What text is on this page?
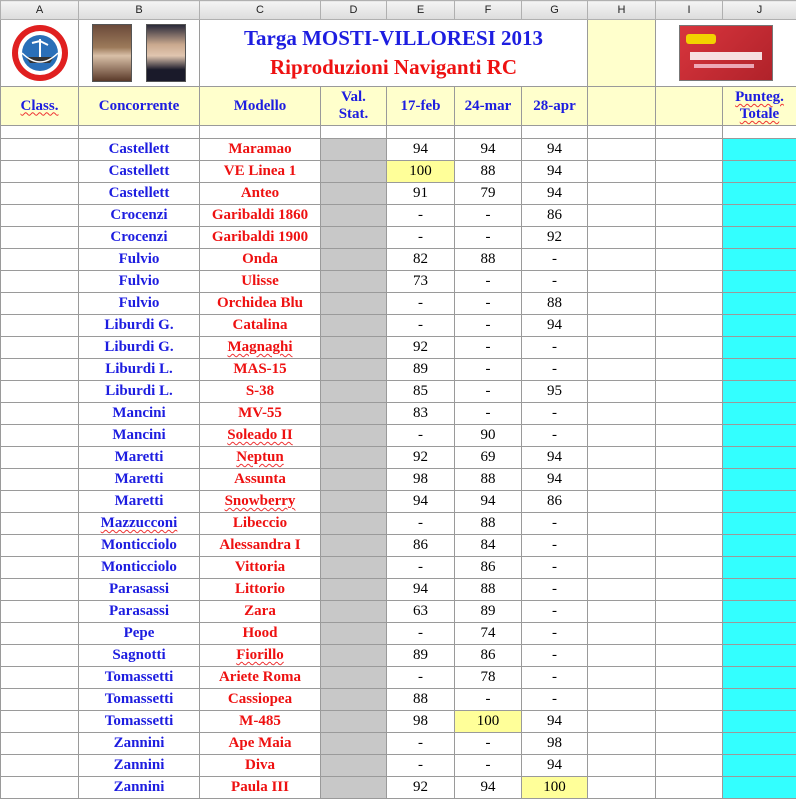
A	B	C	D	E	F	G	H	I	J

Targa MOSTI-VILLORESI 2013
Riproduzioni Naviganti RC							

Class.	Concorrente	Modello	Val. Stat.	17-feb	24-mar	28-apr			Punteg. Totale

	Castellett	Maramao		94	94	94			
	Castellett	VE Linea 1		100	88	94			
	Castellett	Anteo		91	79	94			
	Crocenzi	Garibaldi 1860		-	-	86			
	Crocenzi	Garibaldi 1900		-	-	92			
	Fulvio	Onda		82	88	-			
	Fulvio	Ulisse		73	-	-			
	Fulvio	Orchidea Blu		-	-	88			
	Liburdi G.	Catalina		-	-	94			
	Liburdi G.	Magnaghi		92	-	-			
	Liburdi L.	MAS-15		89	-	-			
	Liburdi L.	S-38		85	-	95			
	Mancini	MV-55		83	-	-			
	Mancini	Soleado II		-	90	-			
	Maretti	Neptun		92	69	94			
	Maretti	Assunta		98	88	94			
	Maretti	Snowberry		94	94	86			
	Mazzucconi	Libeccio		-	88	-			
	Monticciolo	Alessandra I		86	84	-			
	Monticciolo	Vittoria		-	86	-			
	Parasassi	Littorio		94	88	-			
	Parasassi	Zara		63	89	-			
	Pepe	Hood		-	74	-			
	Sagnotti	Fiorillo		89	86	-			
	Tomassetti	Ariete Roma		-	78	-			
	Tomassetti	Cassiopea		88	-	-			
	Tomassetti	M-485		98	100	94			
	Zannini	Ape Maia		-	-	98			
	Zannini	Diva		-	-	94			
	Zannini	Paula III		92	94	100			
